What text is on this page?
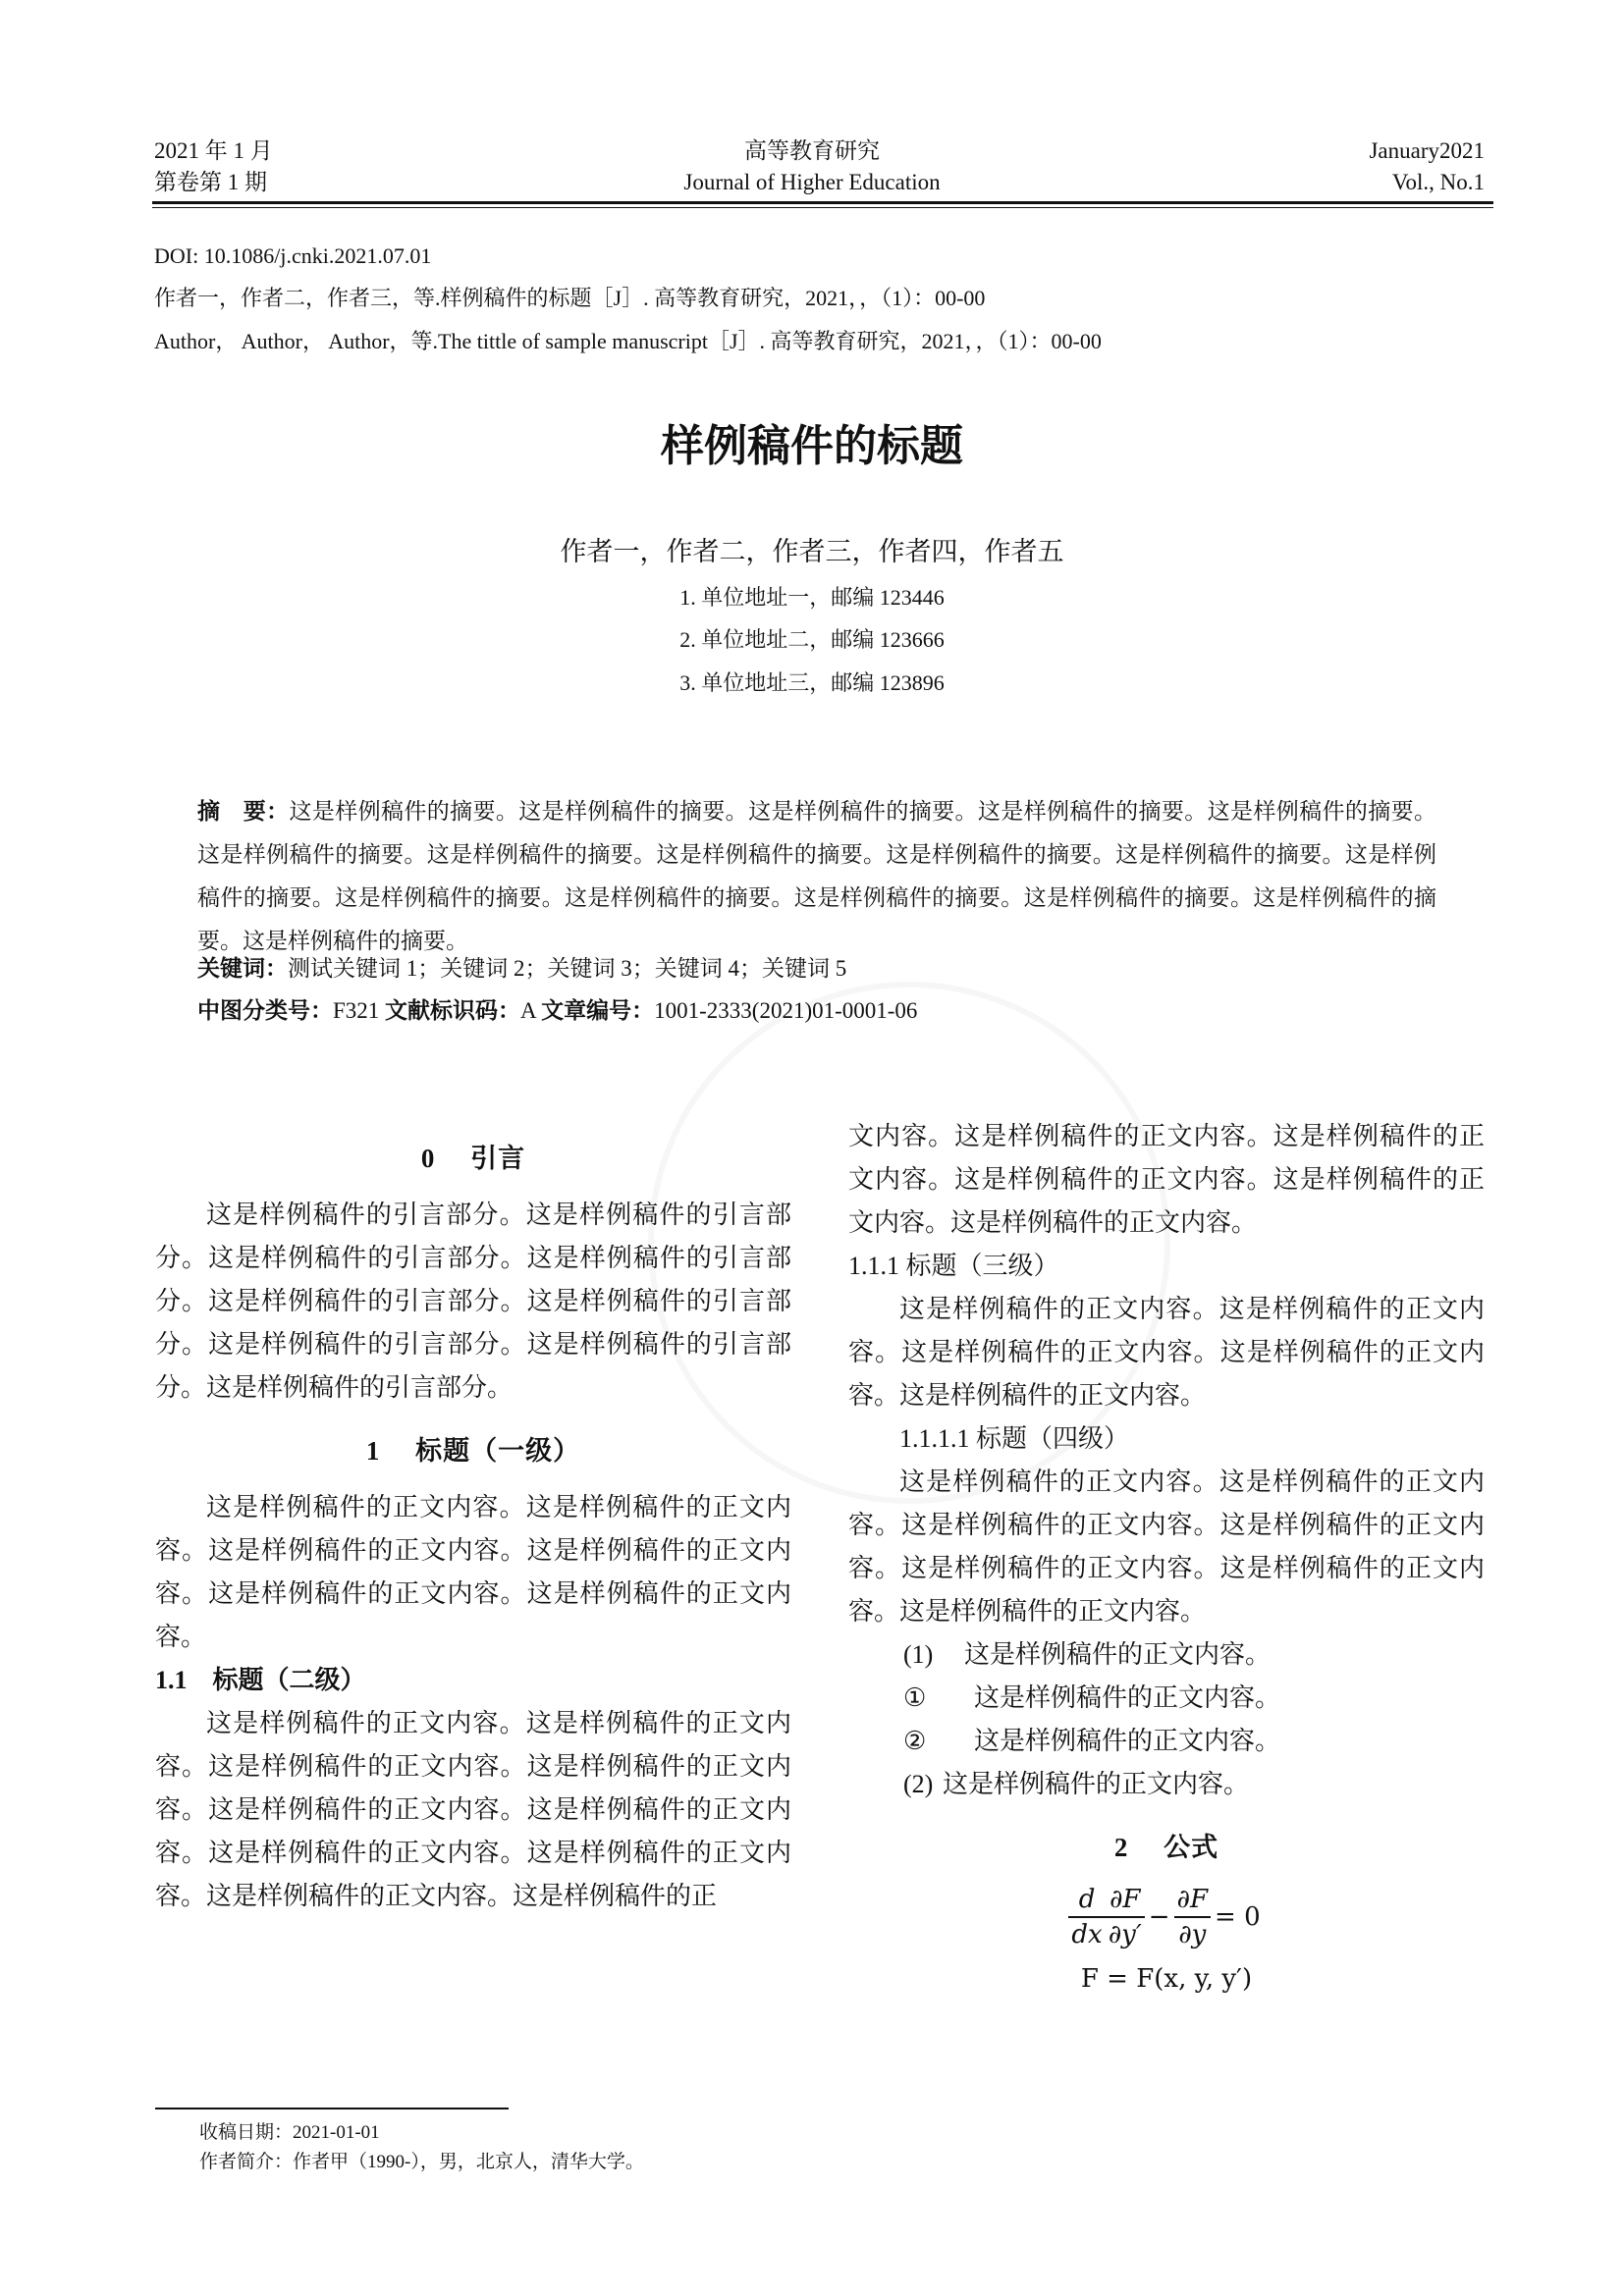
2021 年 1 月
第卷第 1 期
高等教育研究
Journal of Higher Education
January2021
Vol., No.1
DOI: 10.1086/j.cnki.2021.07.01
作者一，作者二，作者三，等.样例稿件的标题［J］. 高等教育研究，2021，，（1）：00-00
Author， Author， Author，等.The tittle of sample manuscript［J］. 高等教育研究，2021，，（1）：00-00
样例稿件的标题
作者一，作者二，作者三，作者四，作者五
1. 单位地址一，邮编 123446
2. 单位地址二，邮编 123666
3. 单位地址三，邮编 123896
摘　要：这是样例稿件的摘要。这是样例稿件的摘要。这是样例稿件的摘要。这是样例稿件的摘要。这是样例稿件的摘要。这是样例稿件的摘要。这是样例稿件的摘要。这是样例稿件的摘要。这是样例稿件的摘要。这是样例稿件的摘要。这是样例稿件的摘要。这是样例稿件的摘要。这是样例稿件的摘要。这是样例稿件的摘要。这是样例稿件的摘要。这是样例稿件的摘要。这是样例稿件的摘要。
关键词：测试关键词 1；关键词 2；关键词 3；关键词 4；关键词 5
中图分类号：F321 文献标识码：A 文章编号：1001-2333(2021)01-0001-06
0　 引言

这是样例稿件的引言部分。这是样例稿件的引言部分。这是样例稿件的引言部分。这是样例稿件的引言部分。这是样例稿件的引言部分。这是样例稿件的引言部分。这是样例稿件的引言部分。这是样例稿件的引言部分。这是样例稿件的引言部分。

1　 标题（一级）

这是样例稿件的正文内容。这是样例稿件的正文内容。这是样例稿件的正文内容。这是样例稿件的正文内容。这是样例稿件的正文内容。这是样例稿件的正文内容。

1.1　标题（二级）

这是样例稿件的正文内容。这是样例稿件的正文内容。这是样例稿件的正文内容。这是样例稿件的正文内容。这是样例稿件的正文内容。这是样例稿件的正文内容。这是样例稿件的正文内容。这是样例稿件的正文内容。这是样例稿件的正文内容。这是样例稿件的正

文内容。这是样例稿件的正文内容。这是样例稿件的正文内容。这是样例稿件的正文内容。这是样例稿件的正文内容。这是样例稿件的正文内容。

1.1.1 标题（三级）

这是样例稿件的正文内容。这是样例稿件的正文内容。这是样例稿件的正文内容。这是样例稿件的正文内容。这是样例稿件的正文内容。

1.1.1.1 标题（四级）

这是样例稿件的正文内容。这是样例稿件的正文内容。这是样例稿件的正文内容。这是样例稿件的正文内容。这是样例稿件的正文内容。这是样例稿件的正文内容。这是样例稿件的正文内容。

(1) 这是样例稿件的正文内容。
① 这是样例稿件的正文内容。
② 这是样例稿件的正文内容。
(2) 这是样例稿件的正文内容。
2　 公式
$\frac{d}{dx} \frac{\partial F}{\partial y'} - \frac{\partial F}{\partial y} = 0$
F = F(x, y, y′)
收稿日期：2021-01-01
作者简介：作者甲（1990-），男，北京人，清华大学。
